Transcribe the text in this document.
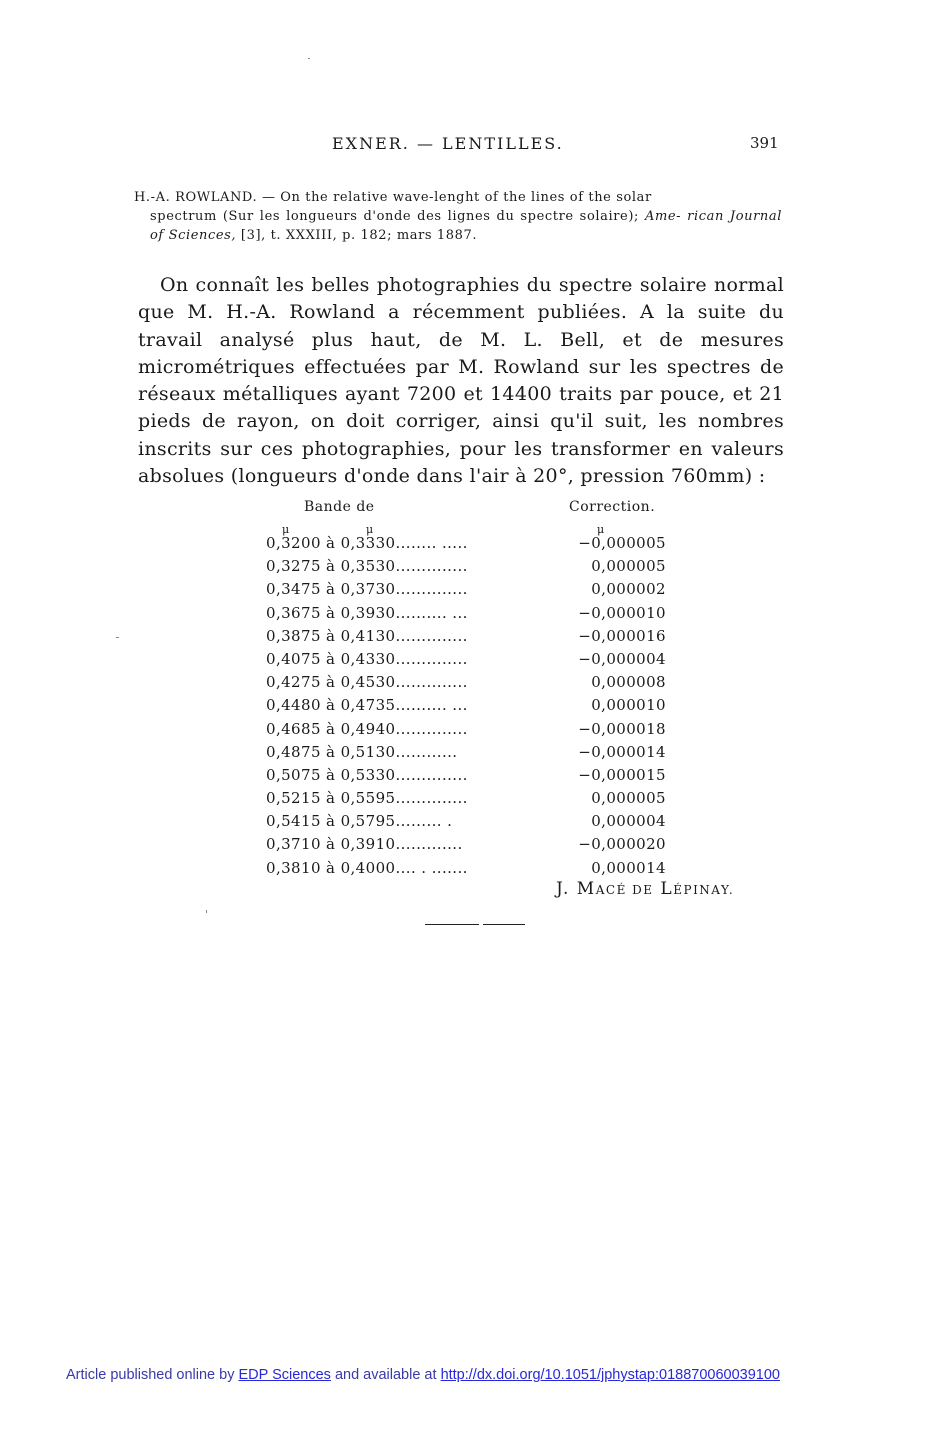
EXNER. — LENTILLES.	391
H.-A. ROWLAND. — On the relative wave-lenght of the lines of the solar
spectrum (Sur les longueurs d'onde des lignes du spectre solaire); Ame- rican Journal of Sciences, [3], t. XXXIII, p. 182; mars 1887.

On connaît les belles photographies du spectre solaire normal que M. H.-A. Rowland a récemment publiées. A la suite du travail analysé plus haut, de M. L. Bell, et de mesures micrométriques effectuées par M. Rowland sur les spectres de réseaux métalliques ayant 7200 et 14400 traits par pouce, et 21 pieds de rayon, on doit corriger, ainsi qu'il suit, les nombres inscrits sur ces photographies, pour les transformer en valeurs absolues (longueurs d'onde dans l'air à 20°, pression 760mm) :

Bande de	Correction.
μ	μ	μ
0,3200 à 0,3330........ .....	−0,000005
0,3275 à 0,3530..............	0,000005
0,3475 à 0,3730..............	0,000002
0,3675 à 0,3930.......... ...	−0,000010
0,3875 à 0,4130..............	−0,000016
0,4075 à 0,4330..............	−0,000004
0,4275 à 0,4530..............	0,000008
0,4480 à 0,4735.......... ...	0,000010
0,4685 à 0,4940..............	−0,000018
0,4875 à 0,5130............	−0,000014
0,5075 à 0,5330..............	−0,000015
0,5215 à 0,5595..............	0,000005
0,5415 à 0,5795......... .	0,000004
0,3710 à 0,3910.............	−0,000020
0,3810 à 0,4000.... . .......	0,000014
J. MACÉ DE LÉPINAY.
Article published online by EDP Sciences and available at http://dx.doi.org/10.1051/jphystap:018870060039100
